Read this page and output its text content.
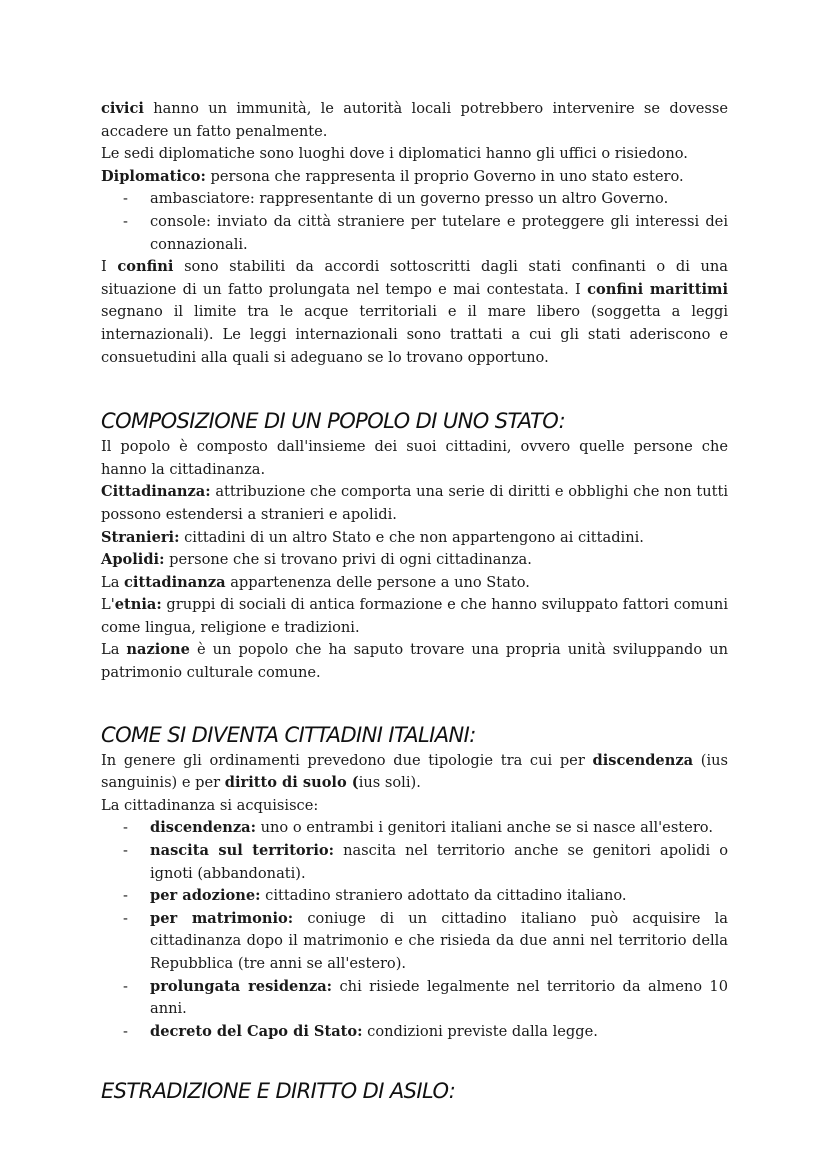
civici hanno un immunità, le autorità locali potrebbero intervenire se dovesse accadere un fatto penalmente.

Le sedi diplomatiche sono luoghi dove i diplomatici hanno gli uffici o risiedono.

Diplomatico: persona che rappresenta il proprio Governo in uno stato estero.

- ambasciatore: rappresentante di un governo presso un altro Governo.
- console: inviato da città straniere per tutelare e proteggere gli interessi dei connazionali.

I confini sono stabiliti da accordi sottoscritti dagli stati confinanti o di una situazione di un fatto prolungata nel tempo e mai contestata. I confini marittimi segnano il limite tra le acque territoriali e il mare libero (soggetta a leggi internazionali). Le leggi internazionali sono trattati a cui gli stati aderiscono e consuetudini alla quali si adeguano se lo trovano opportuno.

COMPOSIZIONE DI UN POPOLO DI UNO STATO:

Il popolo è composto dall'insieme dei suoi cittadini, ovvero quelle persone che hanno la cittadinanza.

Cittadinanza: attribuzione che comporta una serie di diritti e obblighi che non tutti possono estendersi a stranieri e apolidi.

Stranieri: cittadini di un altro Stato e che non appartengono ai cittadini.

Apolidi: persone che si trovano privi di ogni cittadinanza.

La cittadinanza appartenenza delle persone a uno Stato.

L'etnia: gruppi di sociali di antica formazione e che hanno sviluppato fattori comuni come lingua, religione e tradizioni.

La nazione è un popolo che ha saputo trovare una propria unità sviluppando un patrimonio culturale comune.

COME SI DIVENTA CITTADINI ITALIANI:

In genere gli ordinamenti prevedono due tipologie tra cui per discendenza (ius sanguinis) e per diritto di suolo (ius soli).

La cittadinanza si acquisisce:

- discendenza: uno o entrambi i genitori italiani anche se si nasce all'estero.
- nascita sul territorio: nascita nel territorio anche se genitori apolidi o ignoti (abbandonati).
- per adozione: cittadino straniero adottato da cittadino italiano.
- per matrimonio: coniuge di un cittadino italiano può acquisire la cittadinanza dopo il matrimonio e che risieda da due anni nel territorio della Repubblica (tre anni se all'estero).
- prolungata residenza: chi risiede legalmente nel territorio da almeno 10 anni.
- decreto del Capo di Stato: condizioni previste dalla legge.
ESTRADIZIONE E DIRITTO DI ASILO:
